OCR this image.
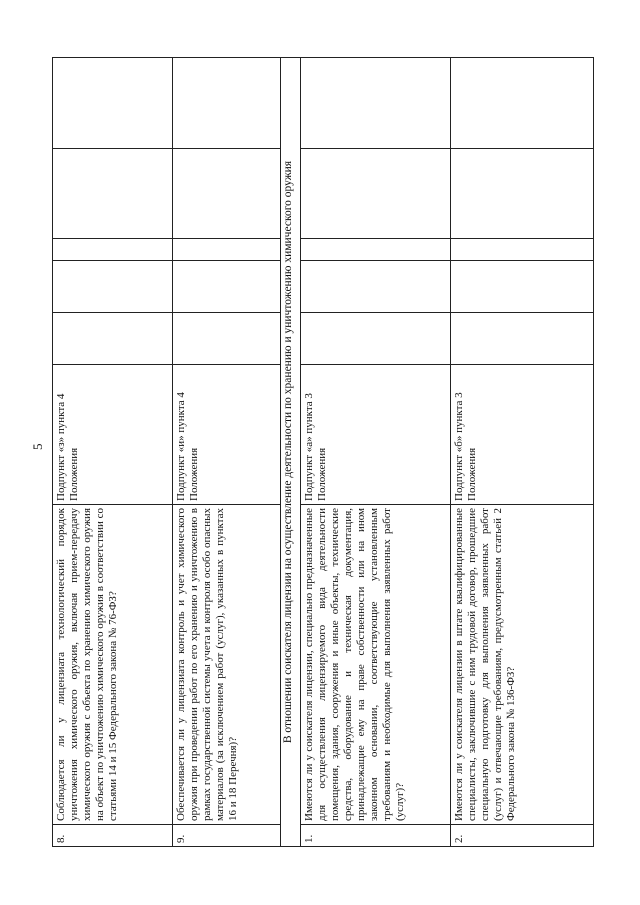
5
8.
Соблюдается ли у лицензиата технологический порядок уничтожения химического оружия, включая прием-передачу химического оружия с объекта по хранению химического оружия на объект по уничтожению химического оружия в соответствии со статьями 14 и 15 Федерального закона № 76-ФЗ?
Подпункт «з» пункта 4 Положения
9.
Обеспечивается ли у лицензиата контроль и учет химического оружия при проведении работ по его хранению и уничтожению в рамках государственной системы учета и контроля особо опасных материалов (за исключением работ (услуг), указанных в пунктах 16 и 18 Перечня)?
Подпункт «и» пункта 4 Положения	В отношении соискателя лицензии на осуществление деятельности по хранению и уничтожению химического оружия
1.
Имеются ли у соискателя лицензии, специально предназначенные для осуществления лицензируемого вида деятельности помещения, здания, сооружения и иные объекты, технические средства, оборудование и техническая документация, принадлежащие ему на праве собственности или на ином законном основании, соответствующие установленным требованиям и необходимые для выполнения заявленных работ (услуг)?
Подпункт «а» пункта 3 Положения
2.
Имеются ли у соискателя лицензии в штате квалифицированные специалисты, заключившие с ним трудовой договор, прошедшие специальную подготовку для выполнения заявленных работ (услуг) и отвечающие требованиям, предусмотренным статьей 2 Федерального закона № 136-ФЗ?
Подпункт «б» пункта 3 Положения
